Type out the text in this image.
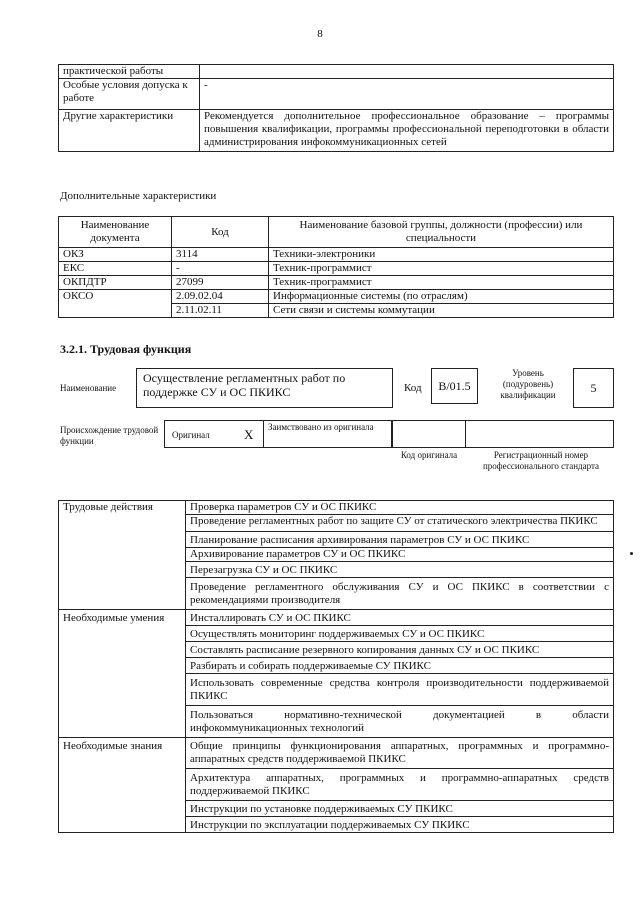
8
практической работы	
Особые условия допуска к работе	-
Другие характеристики	Рекомендуется дополнительное профессиональное образование – программы повышения квалификации, программы профессиональной переподготовки в области администрирования инфокоммуникационных сетей
Дополнительные характеристики
Наименование документа	Код	Наименование базовой группы, должности (профессии) или специальности
ОКЗ	3114	Техники-электроники
ЕКС	-	Техник-программист
ОКПДТР	27099	Техник-программист
ОКСО	2.09.02.04	Информационные системы (по отраслям)
	2.11.02.11	Сети связи и системы коммутации
3.2.1. Трудовая функция
Наименование
Осуществление регламентных работ по поддержке СУ и ОС ПКИКС	Код	B/01.5
Уровень (подуровень) квалификации	5
Происхождение трудовой функции
Оригинал	X Заимствовано из оригинала
Код оригинала	Регистрационный номер профессионального стандарта
Трудовые действия	Проверка параметров СУ и ОС ПКИКС
	Проведение регламентных работ по защите СУ от статического электричества ПКИКС
	Планирование расписания архивирования параметров СУ и ОС ПКИКС
	Архивирование параметров СУ и ОС ПКИКС
	Перезагрузка СУ и ОС ПКИКС
	Проведение регламентного обслуживания СУ и ОС ПКИКС в соответствии с рекомендациями производителя
Необходимые умения	Инсталлировать СУ и ОС ПКИКС
	Осуществлять мониторинг поддерживаемых СУ и ОС ПКИКС
	Составлять расписание резервного копирования данных СУ и ОС ПКИКС
	Разбирать и собирать поддерживаемые СУ ПКИКС
	Использовать современные средства контроля производительности поддерживаемой ПКИКС
	Пользоваться нормативно-технической документацией в области инфокоммуникационных технологий
Необходимые знания	Общие принципы функционирования аппаратных, программных и программно-аппаратных средств поддерживаемой ПКИКС
	Архитектура аппаратных, программных и программно-аппаратных средств поддерживаемой ПКИКС
	Инструкции по установке поддерживаемых СУ ПКИКС
	Инструкции по эксплуатации поддерживаемых СУ ПКИКС
